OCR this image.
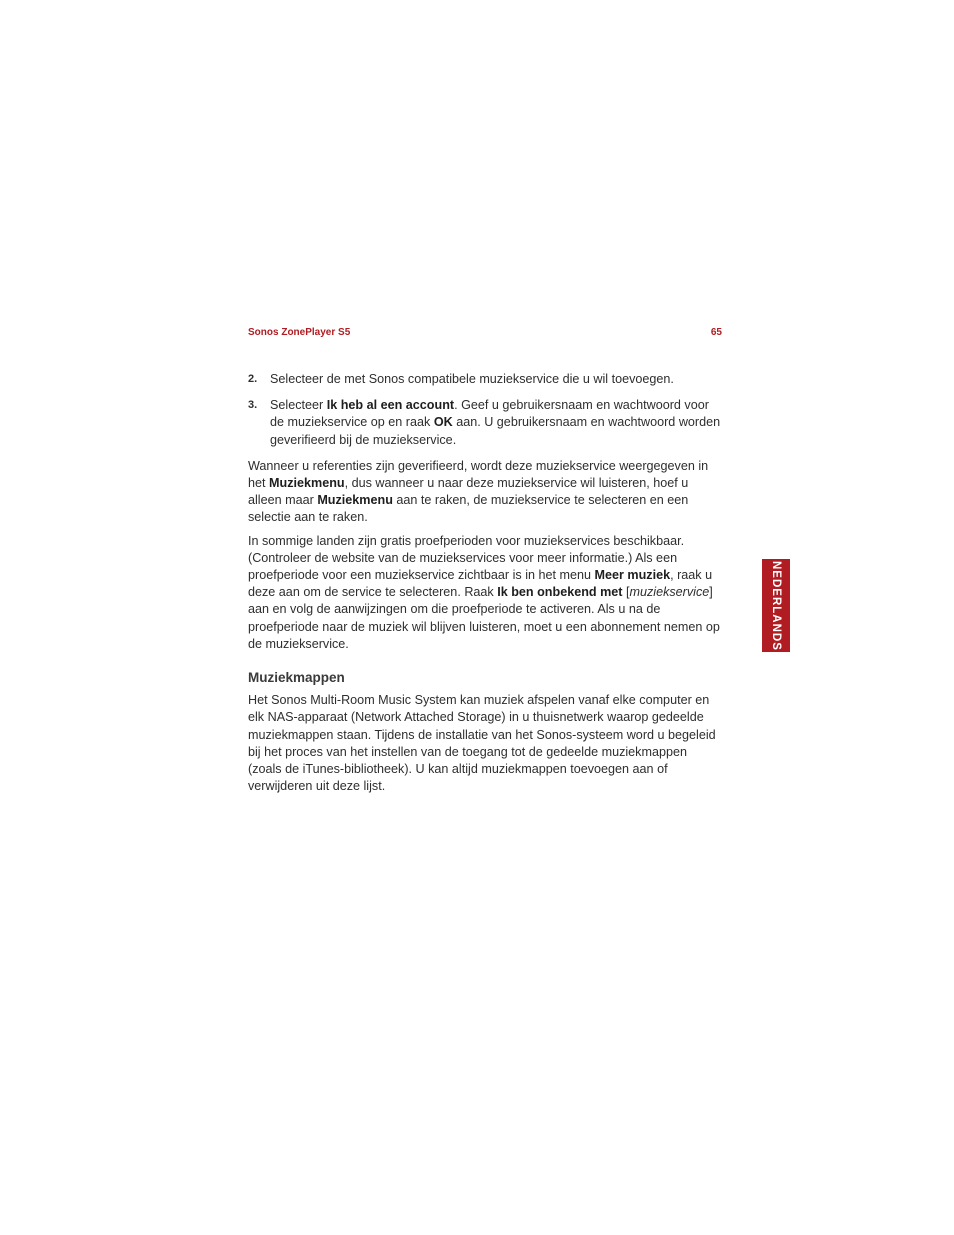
Sonos ZonePlayer S5	65
2. Selecteer de met Sonos compatibele muziekservice die u wil toevoegen.
3. Selecteer Ik heb al een account. Geef u gebruikersnaam en wachtwoord voor de muziekservice op en raak OK aan. U gebruikersnaam en wachtwoord worden geverifieerd bij de muziekservice.

Wanneer u referenties zijn geverifieerd, wordt deze muziekservice weergegeven in het Muziekmenu, dus wanneer u naar deze muziekservice wil luisteren, hoef u alleen maar Muziekmenu aan te raken, de muziekservice te selecteren en een selectie aan te raken.

In sommige landen zijn gratis proefperioden voor muziekservices beschikbaar. (Controleer de website van de muziekservices voor meer informatie.) Als een proefperiode voor een muziekservice zichtbaar is in het menu Meer muziek, raak u deze aan om de service te selecteren. Raak Ik ben onbekend met [muziekservice] aan en volg de aanwijzingen om die proefperiode te activeren. Als u na de proefperiode naar de muziek wil blijven luisteren, moet u een abonnement nemen op de muziekservice.

Muziekmappen

Het Sonos Multi-Room Music System kan muziek afspelen vanaf elke computer en elk NAS-apparaat (Network Attached Storage) in u thuisnetwerk waarop gedeelde muziekmappen staan. Tijdens de installatie van het Sonos-systeem word u begeleid bij het proces van het instellen van de toegang tot de gedeelde muziekmappen (zoals de iTunes-bibliotheek). U kan altijd muziekmappen toevoegen aan of verwijderen uit deze lijst.

NEDERLANDS
